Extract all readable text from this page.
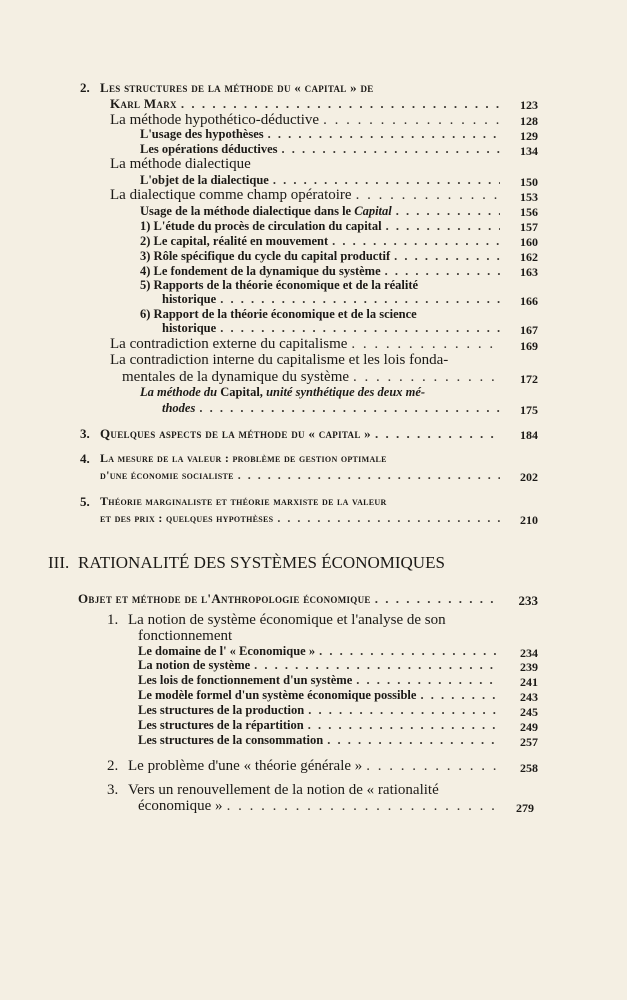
2. Les structures de la méthode du « capital » de
Karl Marx . . .	123
La méthode hypothético-déductive . . .	128
L'usage des hypothèses . . .	129
Les opérations déductives . . .	134
La méthode dialectique
L'objet de la dialectique . . .	150
La dialectique comme champ opératoire . . .	153
Usage de la méthode dialectique dans le Capital . . .	156
1) L'étude du procès de circulation du capital . . .	157
2) Le capital, réalité en mouvement . . .	160
3) Rôle spécifique du cycle du capital productif . . .	162
4) Le fondement de la dynamique du système . . .	163
5) Rapports de la théorie économique et de la réalité
historique . . .	166
6) Rapport de la théorie économique et de la science
historique . . .	167
La contradiction externe du capitalisme . . .	169
La contradiction interne du capitalisme et les lois fonda-
mentales de la dynamique du système . . .	172
La méthode du Capital, unité synthétique des deux mé-
thodes . . .	175
3. Quelques aspects de la méthode du « capital » . . .	184
4. La mesure de la valeur : problème de gestion optimale
d'une économie socialiste . . .	202
5. Théorie marginaliste et théorie marxiste de la valeur
et des prix : quelques hypothèses . . .	210
III. RATIONALITÉ DES SYSTÈMES ÉCONOMIQUES
Objet et méthode de l'Anthropologie économique . . .	233
1. La notion de système économique et l'analyse de son
fonctionnement
Le domaine de l' « Economique » . . .	234
La notion de système . . .	239
Les lois de fonctionnement d'un système . . .	241
Le modèle formel d'un système économique possible . . .	243
Les structures de la production . . .	245
Les structures de la répartition . . .	249
Les structures de la consommation . . .	257
2. Le problème d'une « théorie générale » . . .	258
3. Vers un renouvellement de la notion de « rationalité
économique » . . .	279
